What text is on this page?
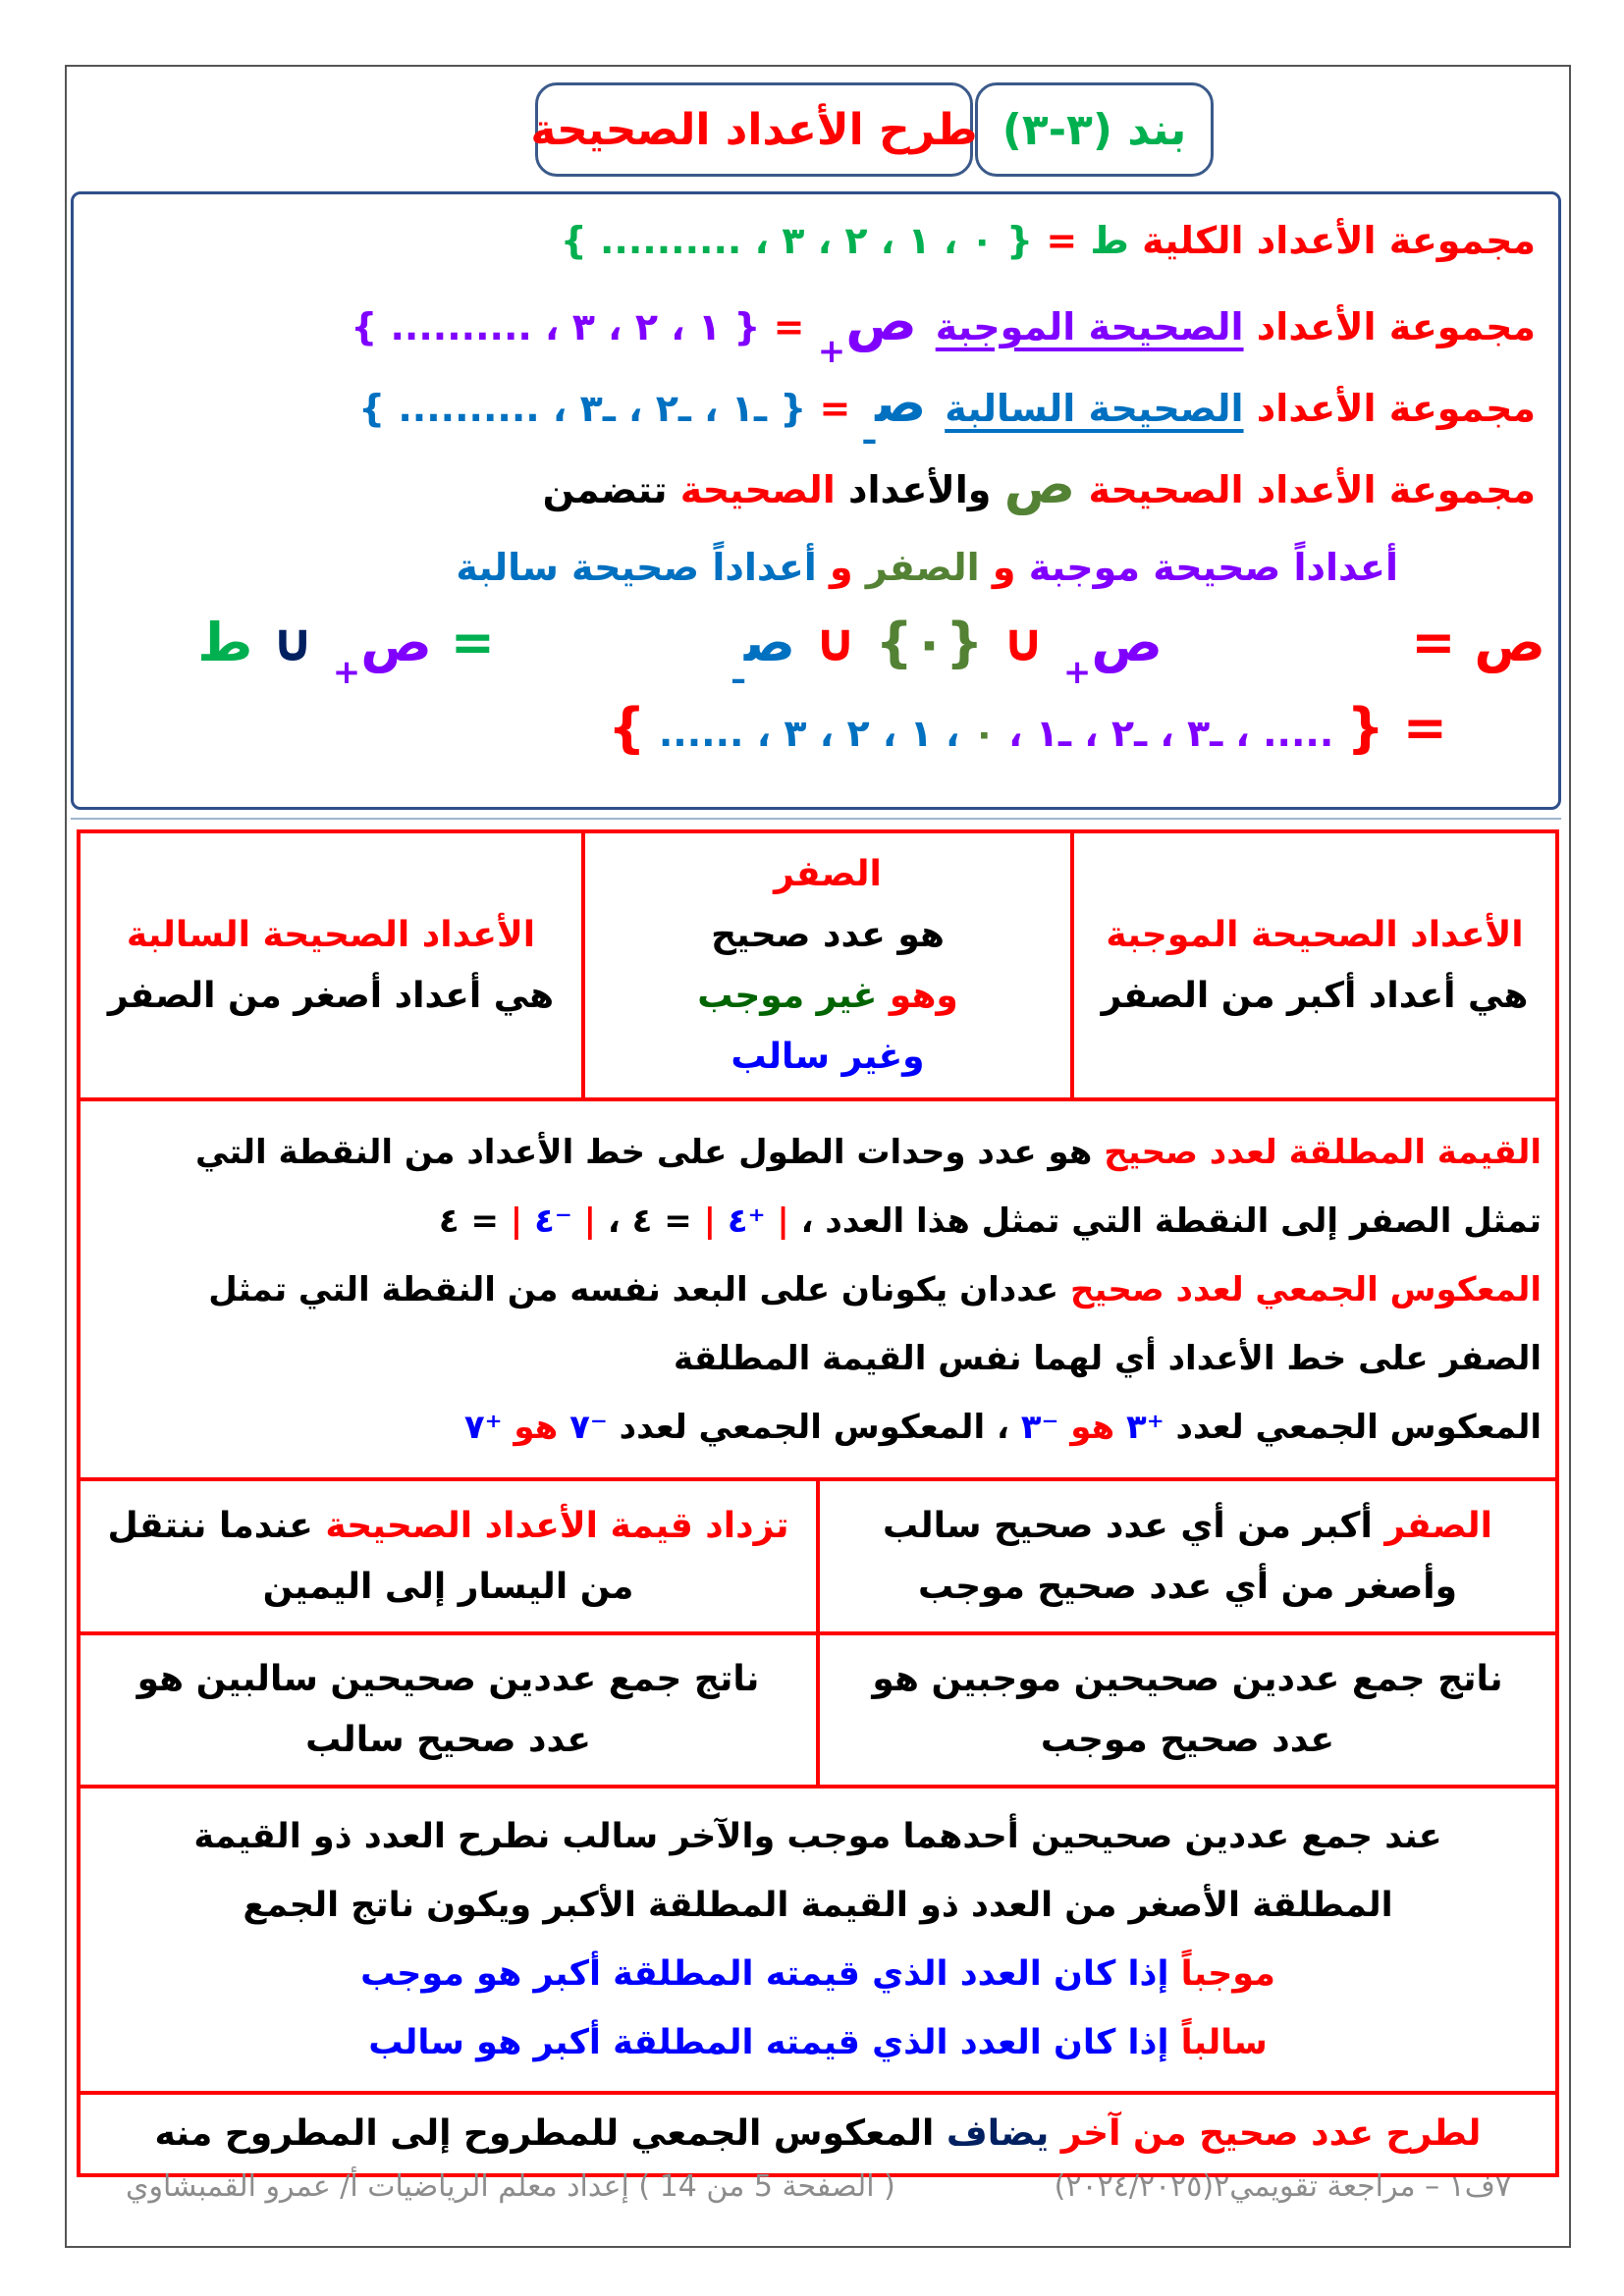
بند (٣-٣)
طرح الأعداد الصحيحة
مجموعة الأعداد الكلية ط = { ٠ ، ١ ، ٢ ، ٣ ، .......... }
مجموعة الأعداد الصحيحة الموجبة ص$_+$ = { ١ ، ٢ ، ٣ ، .......... }
مجموعة الأعداد الصحيحة السالبة ص$_ـ$ = { ـ١ ، ـ٢ ، ـ٣ ، .......... }
مجموعة الأعداد الصحيحة ص والأعداد الصحيحة تتضمن
أعداداً صحيحة موجبة و الصفر و أعداداً صحيحة سالبة
ص =
ص$_+$ ∪ {٠} ∪ ص$_ـ$
= ص$_+$ ∪ ط
= { ..... ، ـ٣ ، ـ٢ ، ـ١ ، ٠ ، ١ ، ٢ ، ٣ ، ...... }
الأعداد الصحيحة الموجبة
هي أعداد أكبر من الصفر
الصفر
هو عدد صحيح
وهو غير موجب
وغير سالب
الأعداد الصحيحة السالبة
هي أعداد أصغر من الصفر
القيمة المطلقة لعدد صحيح هو عدد وحدات الطول على خط الأعداد من النقطة التي
تمثل الصفر إلى النقطة التي تمثل هذا العدد ، | ⁺٤ | = ٤ ، | ⁻٤ | = ٤
المعكوس الجمعي لعدد صحيح عددان يكونان على البعد نفسه من النقطة التي تمثل
الصفر على خط الأعداد أي لهما نفس القيمة المطلقة
المعكوس الجمعي لعدد ⁺٣ هو ⁻٣ ، المعكوس الجمعي لعدد ⁻٧ هو ⁺٧
الصفر أكبر من أي عدد صحيح سالب
وأصغر من أي عدد صحيح موجب
تزداد قيمة الأعداد الصحيحة عندما ننتقل
من اليسار إلى اليمين
ناتج جمع عددين صحيحين موجبين هو
عدد صحيح موجب
ناتج جمع عددين صحيحين سالبين هو
عدد صحيح سالب
عند جمع عددين صحيحين أحدهما موجب والآخر سالب نطرح العدد ذو القيمة
المطلقة الأصغر من العدد ذو القيمة المطلقة الأكبر ويكون ناتج الجمع
موجباً إذا كان العدد الذي قيمته المطلقة أكبر هو موجب
سالباً إذا كان العدد الذي قيمته المطلقة أكبر هو سالب
لطرح عدد صحيح من آخر يضاف المعكوس الجمعي للمطروح إلى المطروح منه
( الصفحة 5 من 14 ) إعداد معلم الرياضيات أ/ عمرو القمبشاوي	٧ف١ – مراجعة تقويمي٢(٢٠٢٤/٢٠٢٥)
